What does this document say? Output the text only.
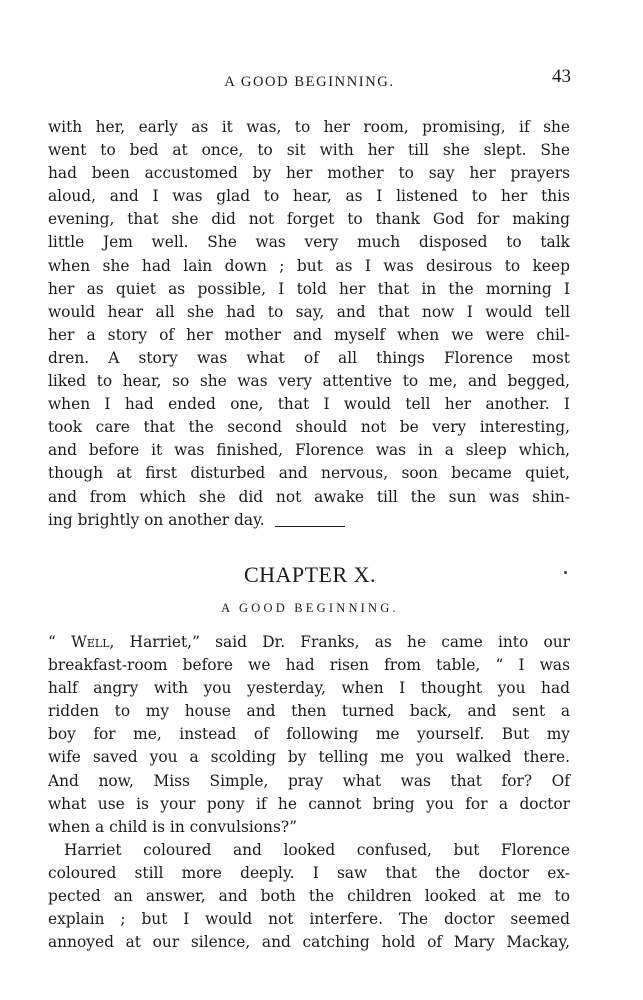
A GOOD BEGINNING.	43
with her, early as it was, to her room, promising, if she
went to bed at once, to sit with her till she slept. She
had been accustomed by her mother to say her prayers
aloud, and I was glad to hear, as I listened to her this
evening, that she did not forget to thank God for making
little Jem well. She was very much disposed to talk
when she had lain down ; but as I was desirous to keep
her as quiet as possible, I told her that in the morning I
would hear all she had to say, and that now I would tell
her a story of her mother and myself when we were chil-
dren. A story was what of all things Florence most
liked to hear, so she was very attentive to me, and begged,
when I had ended one, that I would tell her another. I
took care that the second should not be very interesting,
and before it was finished, Florence was in a sleep which,
though at first disturbed and nervous, soon became quiet,
and from which she did not awake till the sun was shin-
ing brightly on another day.
CHAPTER X.
A GOOD BEGINNING.
“ Well, Harriet,” said Dr. Franks, as he came into our
breakfast-room before we had risen from table, “ I was
half angry with you yesterday, when I thought you had
ridden to my house and then turned back, and sent a
boy for me, instead of following me yourself. But my
wife saved you a scolding by telling me you walked there.
And now, Miss Simple, pray what was that for? Of
what use is your pony if he cannot bring you for a doctor
when a child is in convulsions?”
Harriet coloured and looked confused, but Florence
coloured still more deeply. I saw that the doctor ex-
pected an answer, and both the children looked at me to
explain ; but I would not interfere. The doctor seemed
annoyed at our silence, and catching hold of Mary Mackay,
